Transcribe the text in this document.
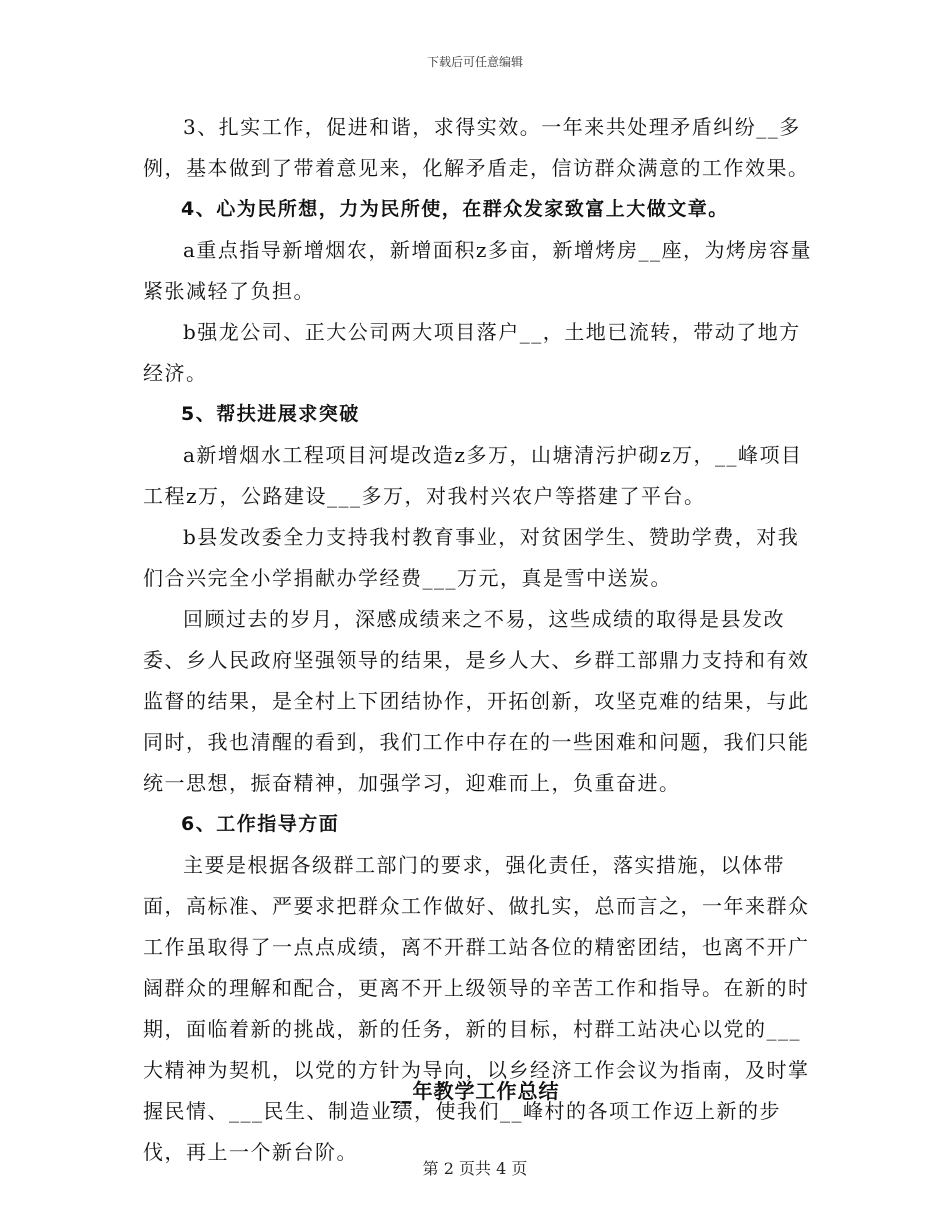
下载后可任意编辑

3、扎实工作，促进和谐，求得实效。一年来共处理矛盾纠纷__多例，基本做到了带着意见来，化解矛盾走，信访群众满意的工作效果。

4、心为民所想，力为民所使，在群众发家致富上大做文章。

a重点指导新增烟农，新增面积z多亩，新增烤房__座，为烤房容量紧张减轻了负担。

b强龙公司、正大公司两大项目落户__，土地已流转，带动了地方经济。

5、帮扶进展求突破

a新增烟水工程项目河堤改造z多万，山塘清污护砌z万，__峰项目工程z万，公路建设___多万，对我村兴农户等搭建了平台。

b县发改委全力支持我村教育事业，对贫困学生、赞助学费，对我们合兴完全小学捐献办学经费___万元，真是雪中送炭。

回顾过去的岁月，深感成绩来之不易，这些成绩的取得是县发改委、乡人民政府坚强领导的结果，是乡人大、乡群工部鼎力支持和有效监督的结果，是全村上下团结协作，开拓创新，攻坚克难的结果，与此同时，我也清醒的看到，我们工作中存在的一些困难和问题，我们只能统一思想，振奋精神，加强学习，迎难而上，负重奋进。

6、工作指导方面

主要是根据各级群工部门的要求，强化责任，落实措施，以体带面，高标准、严要求把群众工作做好、做扎实，总而言之，一年来群众工作虽取得了一点点成绩，离不开群工站各位的精密团结，也离不开广阔群众的理解和配合，更离不开上级领导的辛苦工作和指导。在新的时期，面临着新的挑战，新的任务，新的目标，村群工站决心以党的___大精神为契机，以党的方针为导向，以乡经济工作会议为指南，及时掌握民情、___民生、制造业绩，使我们__峰村的各项工作迈上新的步伐，再上一个新台阶。

__年教学工作总结
第 2 页共 4 页
